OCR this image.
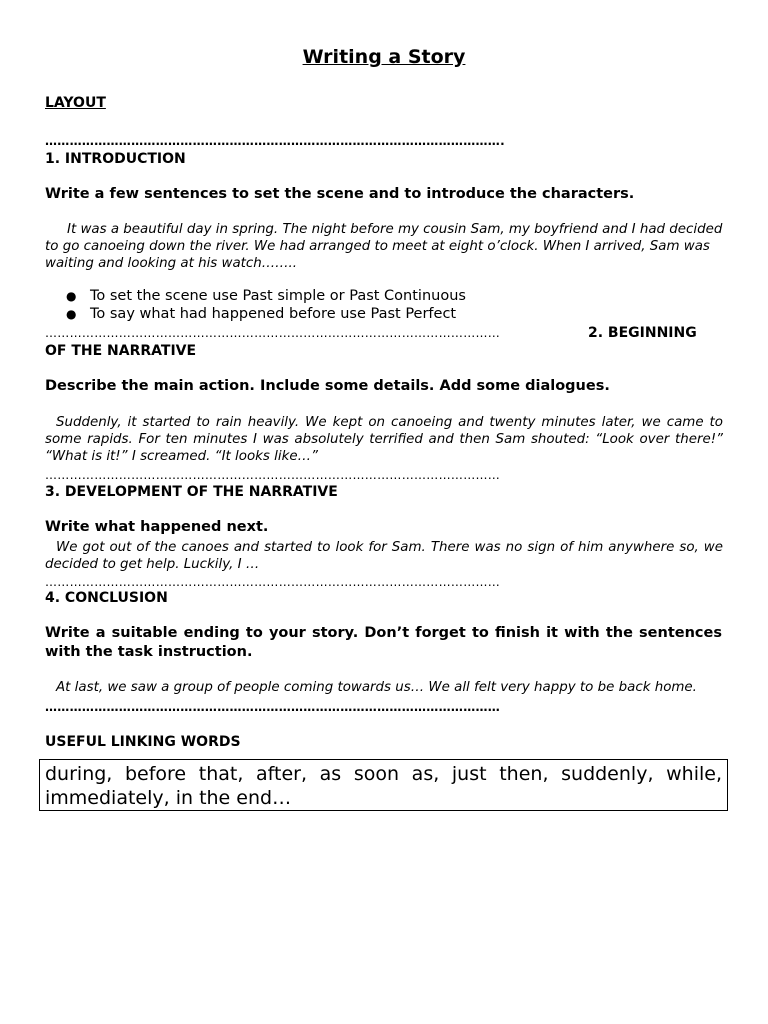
Writing a Story
LAYOUT
………………………………………………………………………………………………….
1. INTRODUCTION
Write a few sentences to set the scene and to introduce the characters.
It was a beautiful day in spring. The night before my cousin Sam, my boyfriend and I had decided to go canoeing down the river. We had arranged to meet at eight o’clock. When I arrived, Sam was waiting and looking at his watch……..
● To set the scene use Past simple or Past Continuous
● To say what had happened before use Past Perfect
…………………………………………………………………………………………………	2. BEGINNING
OF THE NARRATIVE
Describe the main action. Include some details. Add some dialogues.
Suddenly, it started to rain heavily. We kept on canoeing and twenty minutes later, we came to some rapids. For ten minutes I was absolutely terrified and then Sam shouted: “Look over there!” “What is it!” I screamed. “It looks like…”
…………………………………………………………………………………………………
3. DEVELOPMENT OF THE NARRATIVE
Write what happened next.
We got out of the canoes and started to look for Sam. There was no sign of him anywhere so, we decided to get help. Luckily, I …
…………………………………………………………………………………………………
4. CONCLUSION
Write a suitable ending to your story. Don’t forget to finish it with the sentences with the task instruction.
At last, we saw a group of people coming towards us… We all felt very happy to be back home.
…………………………………………………………………………………………………
USEFUL LINKING WORDS
during, before that, after, as soon as, just then, suddenly, while, immediately, in the end…
